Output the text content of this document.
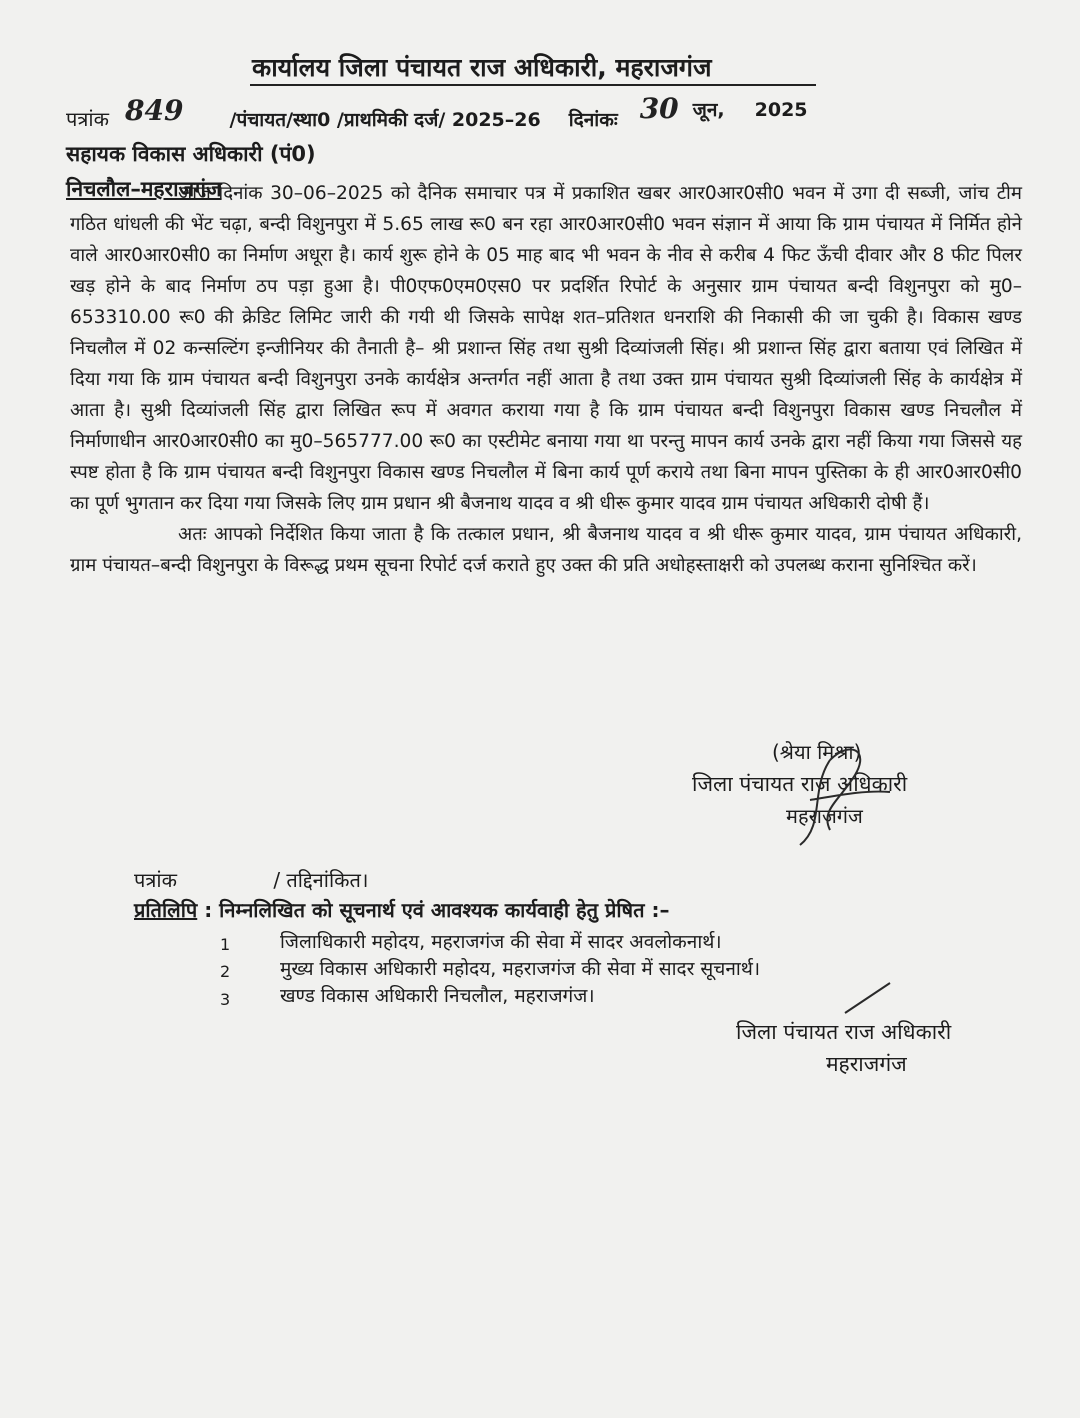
कार्यालय जिला पंचायत राज अधिकारी, महराजगंज
पत्रांक 849 /पंचायत/स्था0 /प्राथमिकी दर्ज/ 2025–26 दिनांकः 30 जून, 2025
सहायक विकास अधिकारी (पं0)
निचलौल–महराजगंज

आज दिनांक 30–06–2025 को दैनिक समाचार पत्र में प्रकाशित खबर आर0आर0सी0 भवन में उगा दी सब्जी, जांच टीम गठित धांधली की भेंट चढ़ा, बन्दी विशुनपुरा में 5.65 लाख रू0 बन रहा आर0आर0सी0 भवन संज्ञान में आया कि ग्राम पंचायत में निर्मित होने वाले आर0आर0सी0 का निर्माण अधूरा है। कार्य शुरू होने के 05 माह बाद भी भवन के नीव से करीब 4 फिट ऊँची दीवार और 8 फीट पिलर खड़ होने के बाद निर्माण ठप पड़ा हुआ है। पी0एफ0एम0एस0 पर प्रदर्शित रिपोर्ट के अनुसार ग्राम पंचायत बन्दी विशुनपुरा को मु0–653310.00 रू0 की क्रेडिट लिमिट जारी की गयी थी जिसके सापेक्ष शत–प्रतिशत धनराशि की निकासी की जा चुकी है। विकास खण्ड निचलौल में 02 कन्सल्टिंग इन्जीनियर की तैनाती है– श्री प्रशान्त सिंह तथा सुश्री दिव्यांजली सिंह। श्री प्रशान्त सिंह द्वारा बताया एवं लिखित में दिया गया कि ग्राम पंचायत बन्दी विशुनपुरा उनके कार्यक्षेत्र अन्तर्गत नहीं आता है तथा उक्त ग्राम पंचायत सुश्री दिव्यांजली सिंह के कार्यक्षेत्र में आता है। सुश्री दिव्यांजली सिंह द्वारा लिखित रूप में अवगत कराया गया है कि ग्राम पंचायत बन्दी विशुनपुरा विकास खण्ड निचलौल में निर्माणाधीन आर0आर0सी0 का मु0–565777.00 रू0 का एस्टीमेट बनाया गया था परन्तु मापन कार्य उनके द्वारा नहीं किया गया जिससे यह स्पष्ट होता है कि ग्राम पंचायत बन्दी विशुनपुरा विकास खण्ड निचलौल में बिना कार्य पूर्ण कराये तथा बिना मापन पुस्तिका के ही आर0आर0सी0 का पूर्ण भुगतान कर दिया गया जिसके लिए ग्राम प्रधान श्री बैजनाथ यादव व श्री धीरू कुमार यादव ग्राम पंचायत अधिकारी दोषी हैं।

अतः आपको निर्देशित किया जाता है कि तत्काल प्रधान, श्री बैजनाथ यादव व श्री धीरू कुमार यादव, ग्राम पंचायत अधिकारी, ग्राम पंचायत–बन्दी विशुनपुरा के विरूद्ध प्रथम सूचना रिपोर्ट दर्ज कराते हुए उक्त की प्रति अधोहस्ताक्षरी को उपलब्ध कराना सुनिश्चित करें।

(श्रेया मिश्रा)
जिला पंचायत राज अधिकारी
महराजगंज
पत्रांक	/ तद्दिनांकित।
प्रतिलिपि : निम्नलिखित को सूचनार्थ एवं आवश्यक कार्यवाही हेतु प्रेषित :–
1	जिलाधिकारी महोदय, महराजगंज की सेवा में सादर अवलोकनार्थ।
2	मुख्य विकास अधिकारी महोदय, महराजगंज की सेवा में सादर सूचनार्थ।
3	खण्ड विकास अधिकारी निचलौल, महराजगंज।
जिला पंचायत राज अधिकारी
महराजगंज
